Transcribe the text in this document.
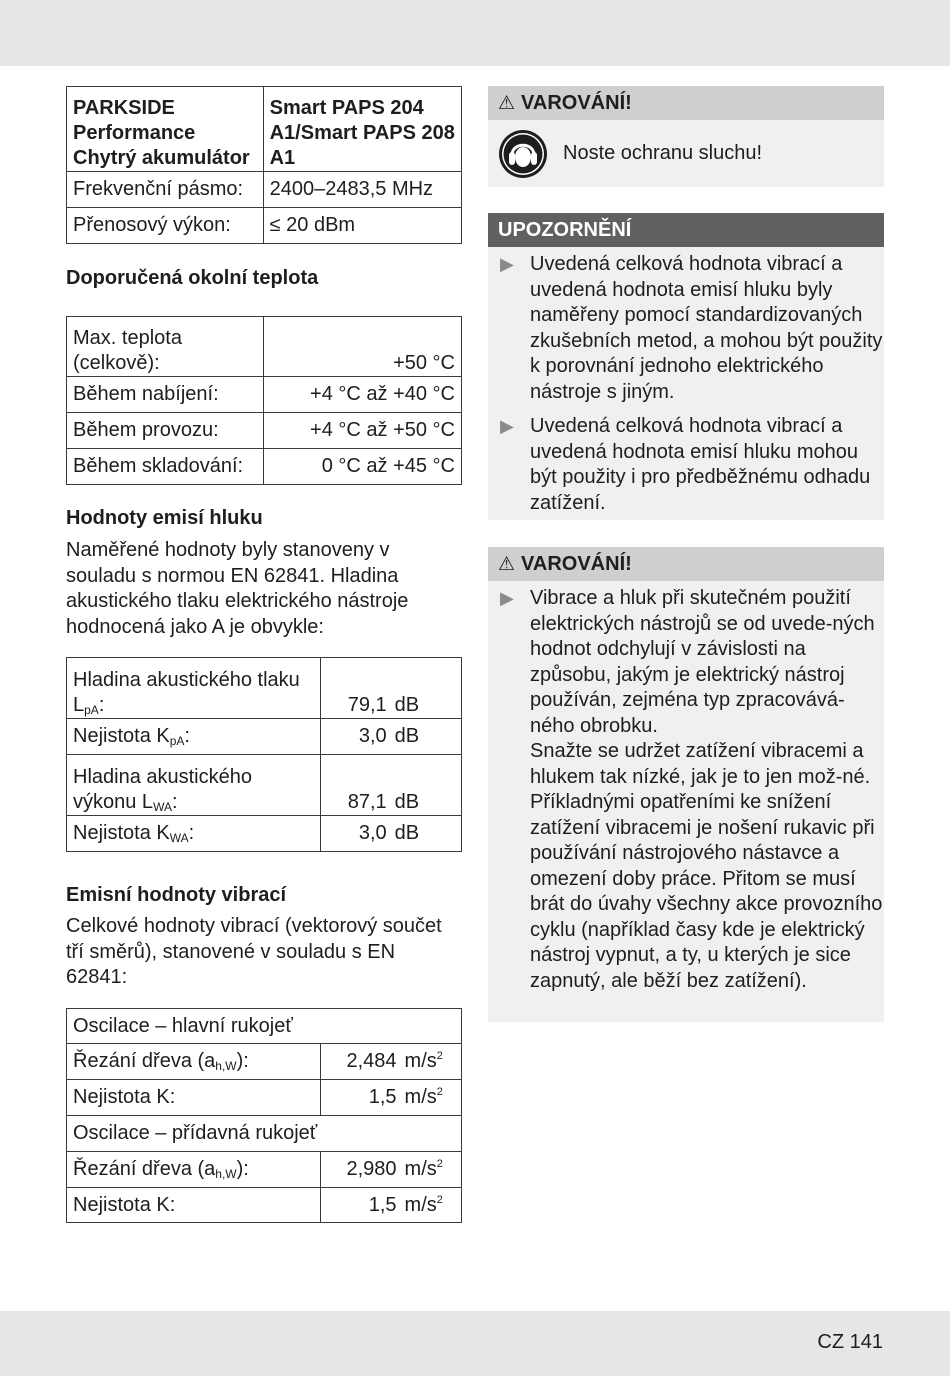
PARKSIDE Performance Chytrý akumulátor	Smart PAPS 204 A1/Smart PAPS 208 A1
Frekvenční pásmo:	2400–2483,5 MHz
Přenosový výkon:	≤ 20 dBm
Doporučená okolní teplota
Max. teplota (celkově):	+50 °C
Během nabíjení:	+4 °C až +40 °C
Během provozu:	+4 °C až +50 °C
Během skladování:	0 °C až +45 °C
Hodnoty emisí hluku
Naměřené hodnoty byly stanoveny v souladu s normou EN 62841. Hladina akustického tlaku elektrického nástroje hodnocená jako A je obvykle:
Hladina akustického tlaku $L_{pA}$:	79,1	dB
Nejistota $K_{pA}$:	3,0	dB
Hladina akustického výkonu $L_{WA}$:	87,1	dB
Nejistota $K_{WA}$:	3,0	dB
Emisní hodnoty vibrací
Celkové hodnoty vibrací (vektorový součet tří směrů), stanovené v souladu s EN 62841:
Oscilace – hlavní rukojeť		
Řezání dřeva $(a_{h,W})$:	2,484	$m/s^2$
Nejistota K:	1,5	$m/s^2$
Oscilace – přídavná rukojeť		
Řezání dřeva $(a_{h,W})$:	2,980	$m/s^2$
Nejistota K:	1,5	$m/s^2$
⚠ VAROVÁNÍ!
Noste ochranu sluchu!
UPOZORNĚNÍ
▶ Uvedená celková hodnota vibrací a uvedená hodnota emisí hluku byly naměřeny pomocí standardizovaných zkušebních metod, a mohou být použity k porovnání jednoho elektrického nástroje s jiným.
▶ Uvedená celková hodnota vibrací a uvedená hodnota emisí hluku mohou být použity i pro předběžnému odhadu zatížení.
⚠ VAROVÁNÍ!
▶ Vibrace a hluk při skutečném použití elektrických nástrojů se od uvede-ných hodnot odchylují v závislosti na způsobu, jakým je elektrický nástroj používán, zejména typ zpracovává-ného obrobku.
Snažte se udržet zatížení vibracemi a hlukem tak nízké, jak je to jen mož-né. Příkladnými opatřeními ke snížení zatížení vibracemi je nošení rukavic při používání nástrojového nástavce a omezení doby práce. Přitom se musí brát do úvahy všechny akce provozního cyklu (například časy kde je elektrický nástroj vypnut, a ty, u kterých je sice zapnutý, ale běží bez zatížení).
CZ 141
